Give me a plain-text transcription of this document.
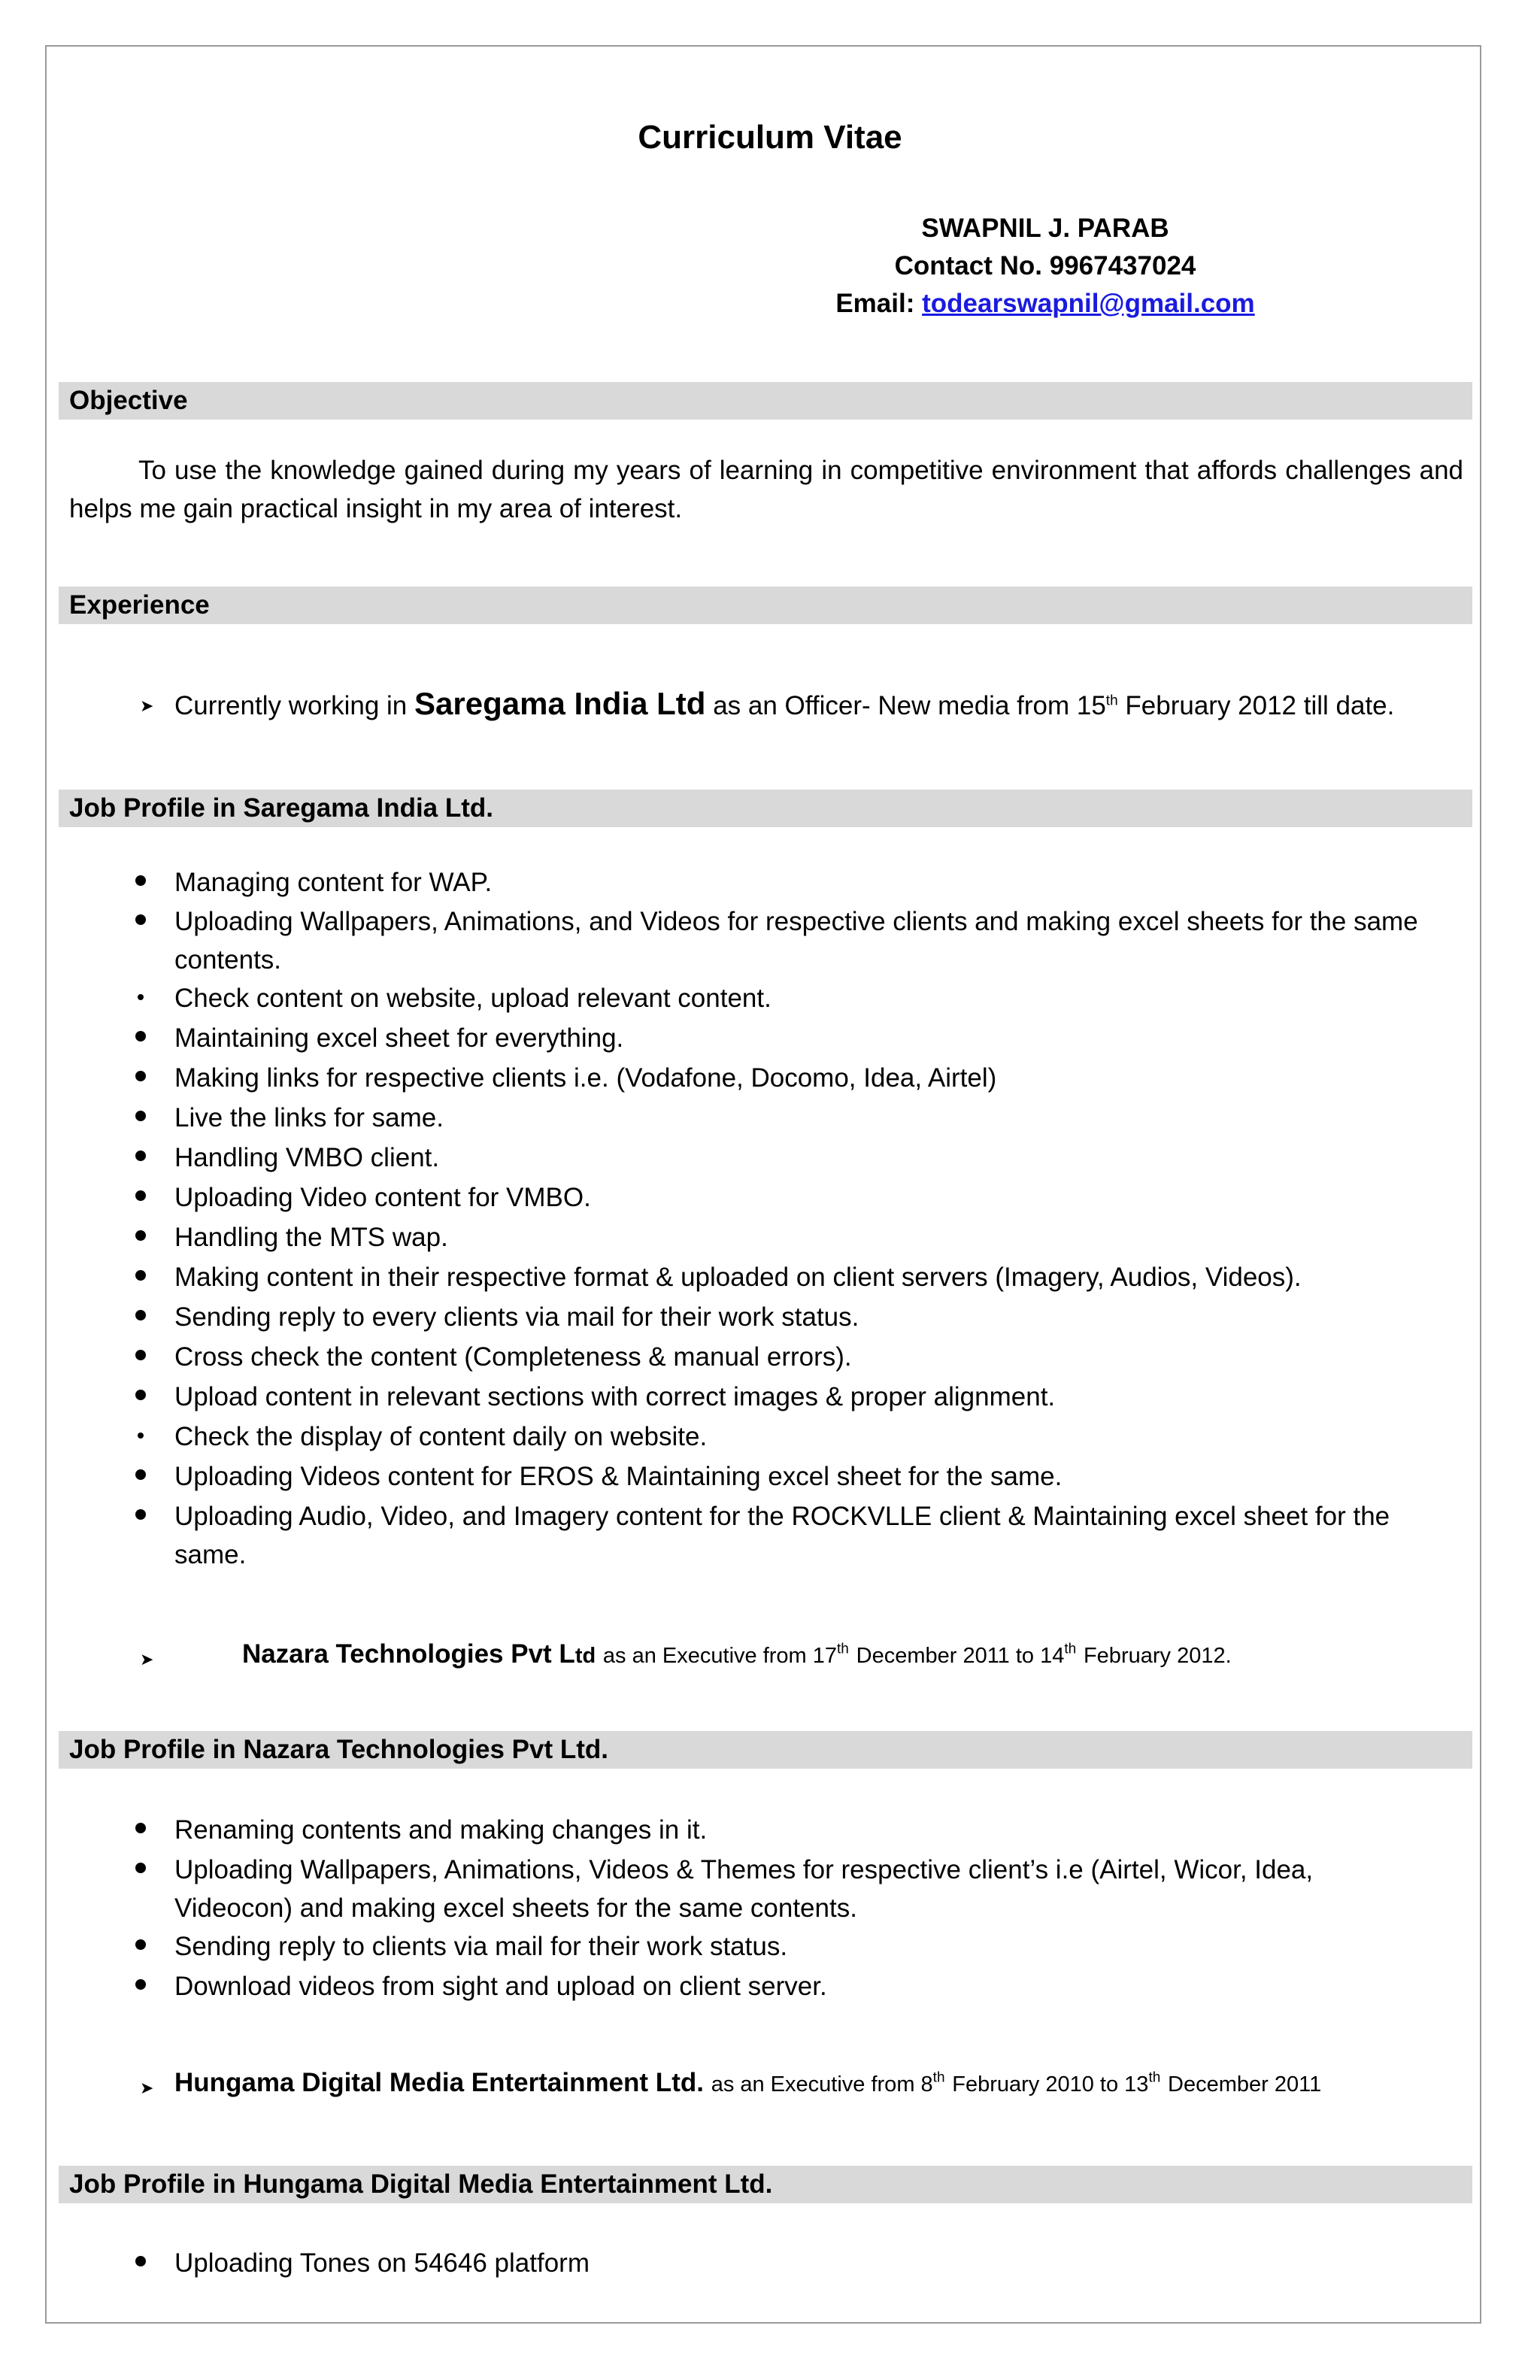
Curriculum Vitae
SWAPNIL J. PARAB
Contact No. 9967437024
Email: todearswapnil@gmail.com
Objective
To use the knowledge gained during my years of learning in competitive environment that affords challenges and helps me gain practical insight in my area of interest.
Experience
➤ Currently working in Saregama India Ltd as an Officer- New media from 15th February 2012 till date.
Job Profile in Saregama India Ltd.
Managing content for WAP.
Uploading Wallpapers, Animations, and Videos for respective clients and making excel sheets for the same contents.
Check content on website, upload relevant content.
Maintaining excel sheet for everything.
Making links for respective clients i.e. (Vodafone, Docomo, Idea, Airtel)
Live the links for same.
Handling VMBO client.
Uploading Video content for VMBO.
Handling the MTS wap.
Making content in their respective format & uploaded on client servers (Imagery, Audios, Videos).
Sending reply to every clients via mail for their work status.
Cross check the content (Completeness & manual errors).
Upload content in relevant sections with correct images & proper alignment.
Check the display of content daily on website.
Uploading Videos content for EROS & Maintaining excel sheet for the same.
Uploading Audio, Video, and Imagery content for the ROCKVLLE client & Maintaining excel sheet for the same.
➤	Nazara Technologies Pvt Ltd as an Executive from 17th December 2011 to 14th February 2012.
Job Profile in Nazara Technologies Pvt Ltd.
Renaming contents and making changes in it.
Uploading Wallpapers, Animations, Videos & Themes for respective client’s i.e (Airtel, Wicor, Idea, Videocon) and making excel sheets for the same contents.
Sending reply to clients via mail for their work status.
Download videos from sight and upload on client server.
➤ Hungama Digital Media Entertainment Ltd. as an Executive from 8th February 2010 to 13th December 2011
Job Profile in Hungama Digital Media Entertainment Ltd.
Uploading Tones on 54646 platform
